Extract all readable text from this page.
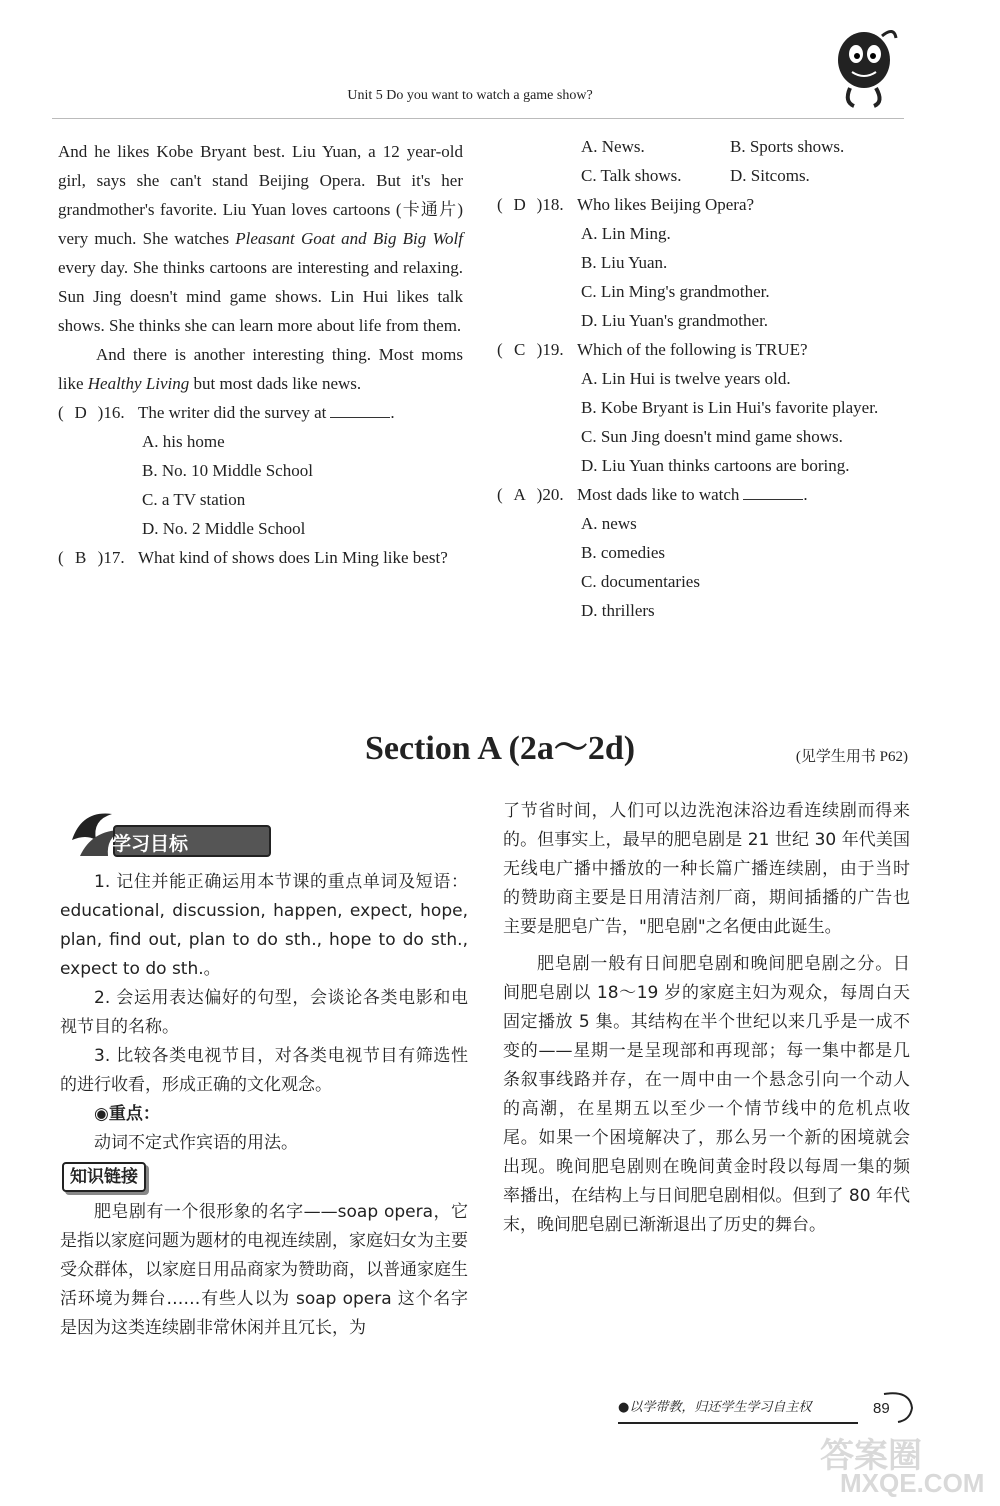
Unit 5 Do you want to watch a game show?

And he likes Kobe Bryant best. Liu Yuan, a 12 year-old girl, says she can't stand Beijing Opera. But it's her grandmother's favorite. Liu Yuan loves cartoons (卡通片) very much. She watches Pleasant Goat and Big Big Wolf every day. She thinks cartoons are interesting and relaxing. Sun Jing doesn't mind game shows. Lin Hui likes talk shows. She thinks she can learn more about life from them.

And there is another interesting thing. Most moms like Healthy Living but most dads like news.

( D )16. The writer did the survey at	.

A. his home
B. No. 10 Middle School
C. a TV station
D. No. 2 Middle School

( B )17. What kind of shows does Lin Ming like best?

A. News.	B. Sports shows.
C. Talk shows.	D. Sitcoms.

( D )18. Who likes Beijing Opera?

A. Lin Ming.
B. Liu Yuan.
C. Lin Ming's grandmother.
D. Liu Yuan's grandmother.

( C )19. Which of the following is TRUE?

A. Lin Hui is twelve years old.
B. Kobe Bryant is Lin Hui's favorite player.
C. Sun Jing doesn't mind game shows.
D. Liu Yuan thinks cartoons are boring.

( A )20. Most dads like to watch	.

A. news
B. comedies
C. documentaries
D. thrillers
Section A (2a～2d)	(见学生用书 P62)
学习目标

1. 记住并能正确运用本节课的重点单词及短语：educational, discussion, happen, expect, hope, plan, find out, plan to do sth., hope to do sth., expect to do sth.。

2. 会运用表达偏好的句型，会谈论各类电影和电视节目的名称。

3. 比较各类电视节目，对各类电视节目有筛选性的进行收看，形成正确的文化观念。

◉重点：

动词不定式作宾语的用法。

知识链接

肥皂剧有一个很形象的名字——soap opera，它是指以家庭问题为题材的电视连续剧，家庭妇女为主要受众群体，以家庭日用品商家为赞助商，以普通家庭生活环境为舞台……有些人以为 soap opera 这个名字是因为这类连续剧非常休闲并且冗长，为

了节省时间，人们可以边洗泡沫浴边看连续剧而得来的。但事实上，最早的肥皂剧是 21 世纪 30 年代美国无线电广播中播放的一种长篇广播连续剧，由于当时的赞助商主要是日用清洁剂厂商，期间插播的广告也主要是肥皂广告，"肥皂剧"之名便由此诞生。

肥皂剧一般有日间肥皂剧和晚间肥皂剧之分。日间肥皂剧以 18～19 岁的家庭主妇为观众，每周白天固定播放 5 集。其结构在半个世纪以来几乎是一成不变的——星期一是呈现部和再现部；每一集中都是几条叙事线路并存，在一周中由一个悬念引向一个动人的高潮，在星期五以至少一个情节线中的危机点收尾。如果一个困境解决了，那么另一个新的困境就会出现。晚间肥皂剧则在晚间黄金时段以每周一集的频率播出，在结构上与日间肥皂剧相似。但到了 80 年代末，晚间肥皂剧已渐渐退出了历史的舞台。

●以学带教，归还学生学习自主权	89
答案圈
MXQE.COM
